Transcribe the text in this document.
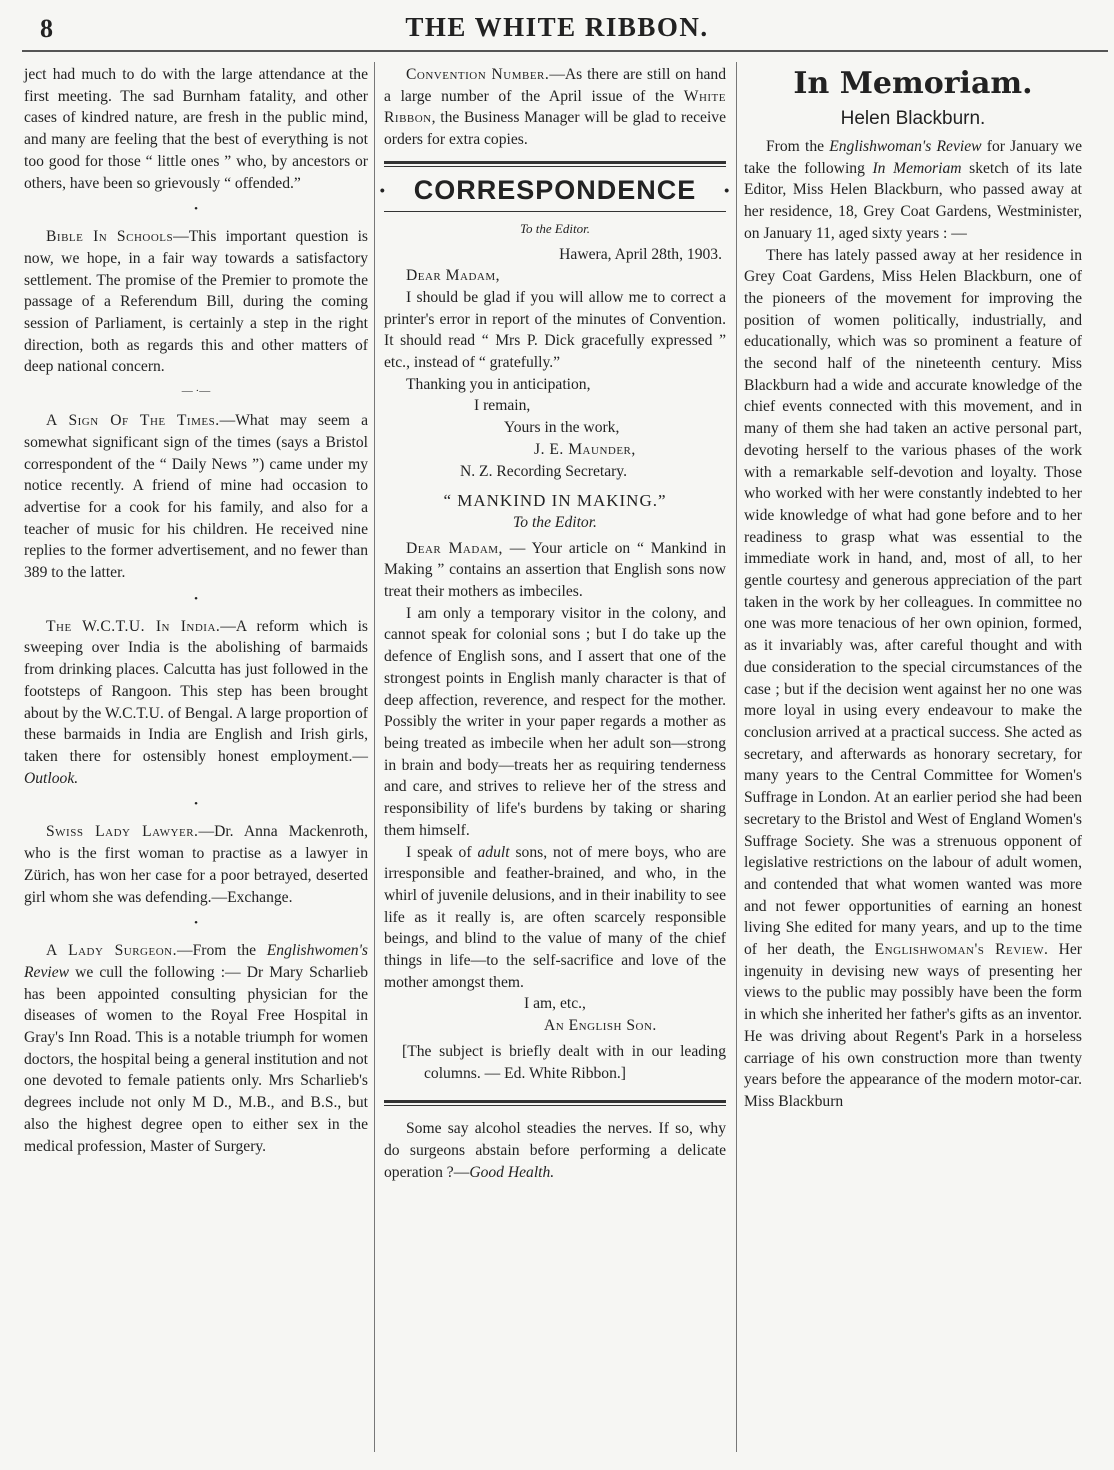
8	THE WHITE RIBBON.

ject had much to do with the large attendance at the first meeting. The sad Burnham fatality, and other cases of kindred nature, are fresh in the public mind, and many are feeling that the best of everything is not too good for those “ little ones ” who, by ancestors or others, have been so grievously “ offended.”

•

Bible In Schools—This important question is now, we hope, in a fair way towards a satisfactory settlement. The promise of the Premier to promote the passage of a Referendum Bill, during the coming session of Parliament, is certainly a step in the right direction, both as regards this and other matters of deep national concern.

— ·—

A Sign Of The Times.—What may seem a somewhat significant sign of the times (says a Bristol correspondent of the “ Daily News ”) came under my notice recently. A friend of mine had occasion to advertise for a cook for his family, and also for a teacher of music for his children. He received nine replies to the former advertisement, and no fewer than 389 to the latter.

•

The W.C.T.U. In India.—A reform which is sweeping over India is the abolishing of barmaids from drinking places. Calcutta has just followed in the footsteps of Rangoon. This step has been brought about by the W.C.T.U. of Bengal. A large proportion of these barmaids in India are English and Irish girls, taken there for ostensibly honest employment.—Outlook.

•

Swiss Lady Lawyer.—Dr. Anna Mackenroth, who is the first woman to practise as a lawyer in Zürich, has won her case for a poor betrayed, deserted girl whom she was defending.—Exchange.

•

A Lady Surgeon.—From the Englishwomen's Review we cull the following :— Dr Mary Scharlieb has been appointed consulting physician for the diseases of women to the Royal Free Hospital in Gray's Inn Road. This is a notable triumph for women doctors, the hospital being a general institution and not one devoted to female patients only. Mrs Scharlieb's degrees include not only M D., M.B., and B.S., but also the highest degree open to either sex in the medical profession, Master of Surgery.

Convention Number.—As there are still on hand a large number of the April issue of the White Ribbon, the Business Manager will be glad to receive orders for extra copies.

• CORRESPONDENCE •
To the Editor.
Hawera, April 28th, 1903.
Dear Madam,

I should be glad if you will allow me to correct a printer's error in report of the minutes of Convention. It should read “ Mrs P. Dick gracefully expressed ” etc., instead of “ gratefully.”

Thanking you in anticipation,

I remain,
Yours in the work,
J. E. Maunder,
N. Z. Recording Secretary.
“ MANKIND IN MAKING.”
To the Editor.

Dear Madam, — Your article on “ Mankind in Making ” contains an assertion that English sons now treat their mothers as imbeciles.

I am only a temporary visitor in the colony, and cannot speak for colonial sons ; but I do take up the defence of English sons, and I assert that one of the strongest points in English manly character is that of deep affection, reverence, and respect for the mother. Possibly the writer in your paper regards a mother as being treated as imbecile when her adult son—strong in brain and body—treats her as requiring tenderness and care, and strives to relieve her of the stress and responsibility of life's burdens by taking or sharing them himself.

I speak of adult sons, not of mere boys, who are irresponsible and feather-brained, and who, in the whirl of juvenile delusions, and in their inability to see life as it really is, are often scarcely responsible beings, and blind to the value of many of the chief things in life—to the self-sacrifice and love of the mother amongst them.

I am, etc.,
An English Son.

[The subject is briefly dealt with in our leading columns. — Ed. White Ribbon.]

Some say alcohol steadies the nerves. If so, why do surgeons abstain before performing a delicate operation ?—Good Health.

In Memoriam.
Helen Blackburn.

From the Englishwoman's Review for January we take the following In Memoriam sketch of its late Editor, Miss Helen Blackburn, who passed away at her residence, 18, Grey Coat Gardens, Westminister, on January 11, aged sixty years : —

There has lately passed away at her residence in Grey Coat Gardens, Miss Helen Blackburn, one of the pioneers of the movement for improving the position of women politically, industrially, and educationally, which was so prominent a feature of the second half of the nineteenth century. Miss Blackburn had a wide and accurate knowledge of the chief events connected with this movement, and in many of them she had taken an active personal part, devoting herself to the various phases of the work with a remarkable self-devotion and loyalty. Those who worked with her were constantly indebted to her wide knowledge of what had gone before and to her readiness to grasp what was essential to the immediate work in hand, and, most of all, to her gentle courtesy and generous appreciation of the part taken in the work by her colleagues. In committee no one was more tenacious of her own opinion, formed, as it invariably was, after careful thought and with due consideration to the special circumstances of the case ; but if the decision went against her no one was more loyal in using every endeavour to make the conclusion arrived at a practical success. She acted as secretary, and afterwards as honorary secretary, for many years to the Central Committee for Women's Suffrage in London. At an earlier period she had been secretary to the Bristol and West of England Women's Suffrage Society. She was a strenuous opponent of legislative restrictions on the labour of adult women, and contended that what women wanted was more and not fewer opportunities of earning an honest living She edited for many years, and up to the time of her death, the Englishwoman's Review. Her ingenuity in devising new ways of presenting her views to the public may possibly have been the form in which she inherited her father's gifts as an inventor. He was driving about Regent's Park in a horseless carriage of his own construction more than twenty years before the appearance of the modern motor-car. Miss Blackburn
